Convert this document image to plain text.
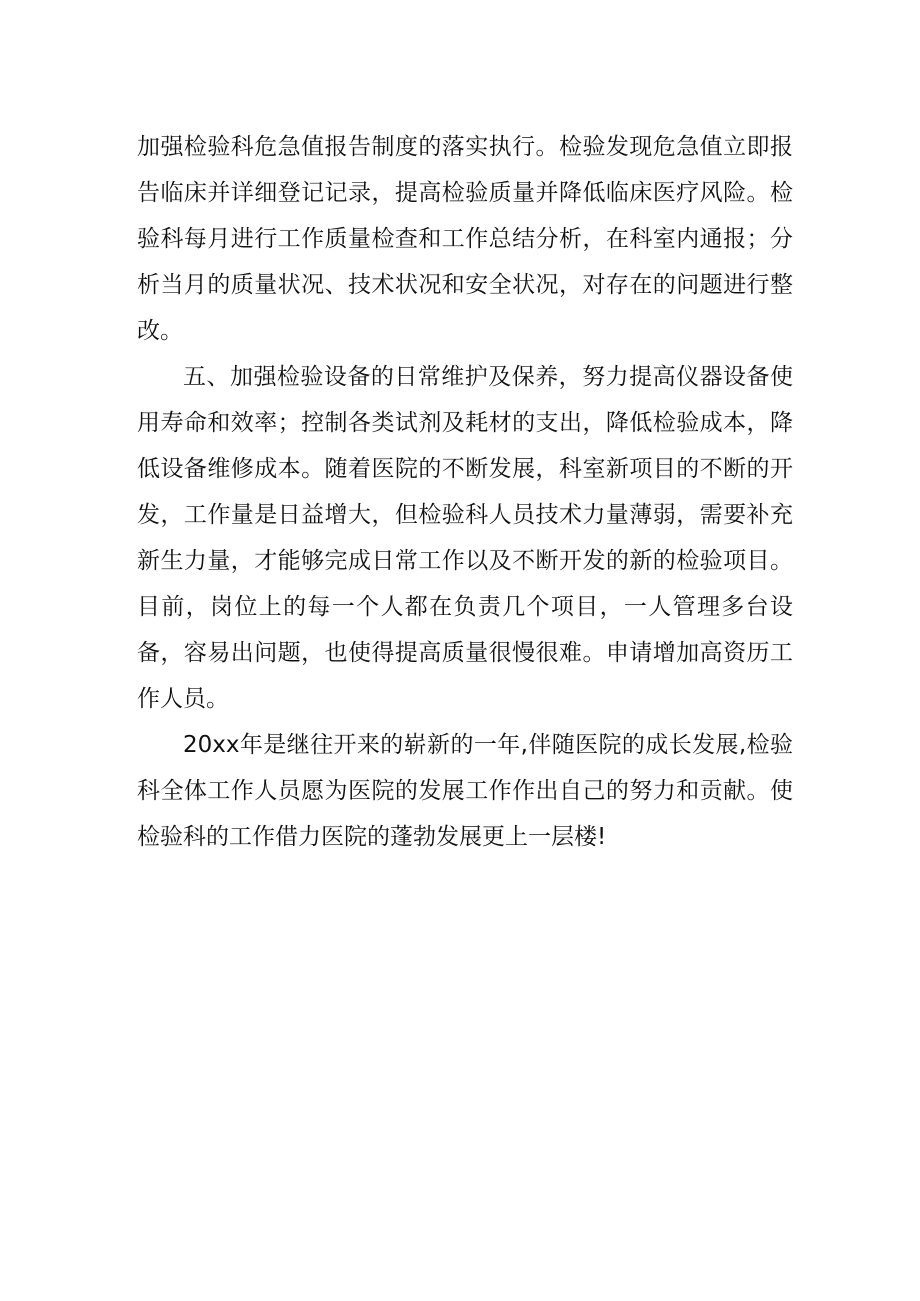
加强检验科危急值报告制度的落实执行。检验发现危急值立即报告临床并详细登记记录，提高检验质量并降低临床医疗风险。检验科每月进行工作质量检查和工作总结分析，在科室内通报；分析当月的质量状况、技术状况和安全状况，对存在的问题进行整改。

五、加强检验设备的日常维护及保养，努力提高仪器设备使用寿命和效率；控制各类试剂及耗材的支出，降低检验成本，降低设备维修成本。随着医院的不断发展，科室新项目的不断的开发，工作量是日益增大，但检验科人员技术力量薄弱，需要补充新生力量，才能够完成日常工作以及不断开发的新的检验项目。目前，岗位上的每一个人都在负责几个项目，一人管理多台设备，容易出问题，也使得提高质量很慢很难。申请增加高资历工作人员。

20xx年是继往开来的崭新的一年,伴随医院的成长发展,检验科全体工作人员愿为医院的发展工作作出自己的努力和贡献。使检验科的工作借力医院的蓬勃发展更上一层楼!
